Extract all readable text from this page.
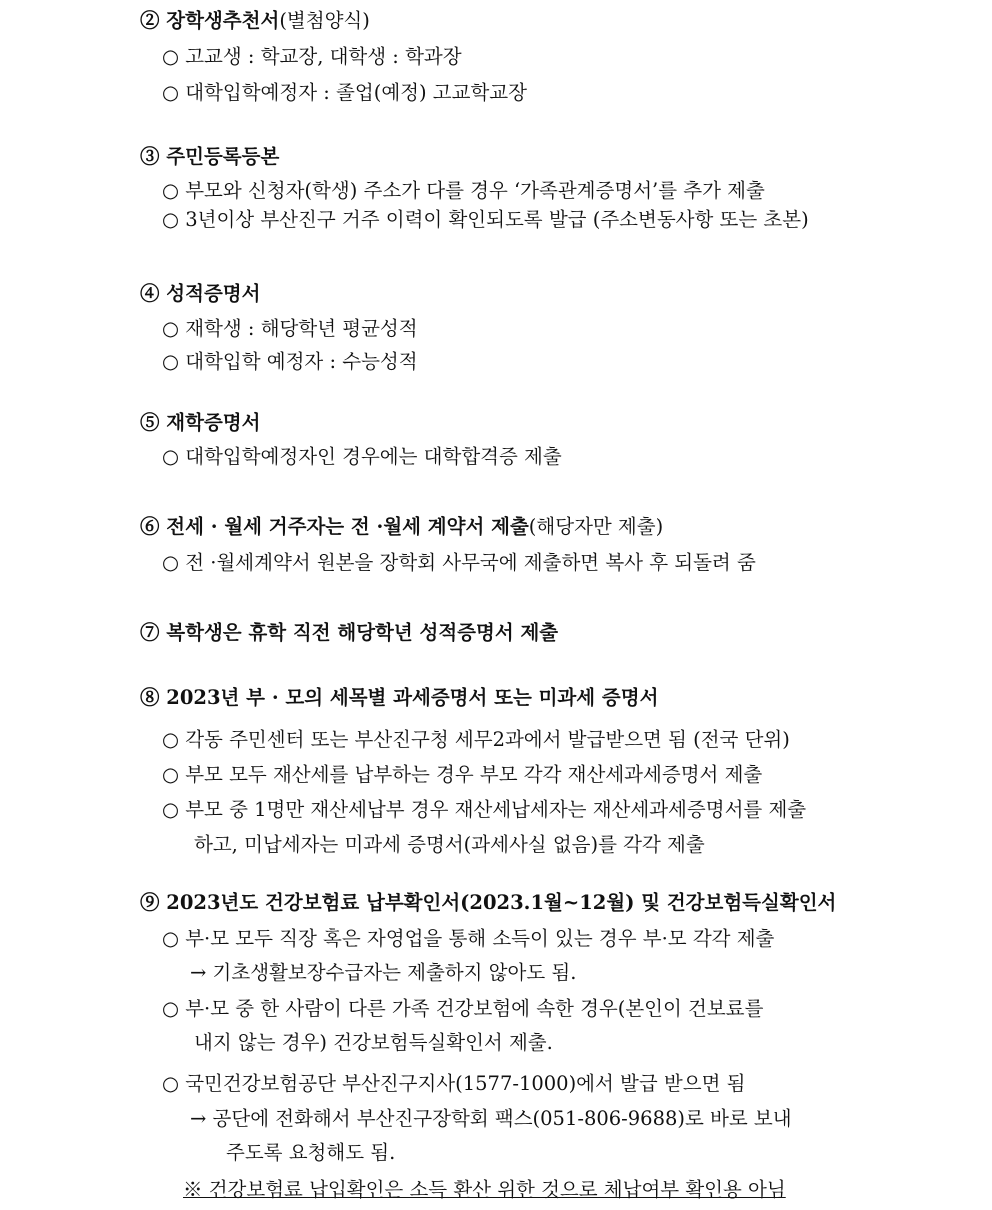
② 장학생추천서(별첨양식)
○ 고교생 : 학교장, 대학생 : 학과장
○ 대학입학예정자 : 졸업(예정) 고교학교장
③ 주민등록등본
○ 부모와 신청자(학생) 주소가 다를 경우 ‘가족관계증명서’를 추가 제출
○ 3년이상 부산진구 거주 이력이 확인되도록 발급 (주소변동사항 또는 초본)
④ 성적증명서
○ 재학생 : 해당학년 평균성적
○ 대학입학 예정자 : 수능성적
⑤ 재학증명서
○ 대학입학예정자인 경우에는 대학합격증 제출
⑥ 전세 · 월세 거주자는 전 ·월세 계약서 제출(해당자만 제출)
○ 전 ·월세계약서 원본을 장학회 사무국에 제출하면 복사 후 되돌려 줌
⑦ 복학생은 휴학 직전 해당학년 성적증명서 제출
⑧ 2023년 부 · 모의 세목별 과세증명서 또는 미과세 증명서
○ 각동 주민센터 또는 부산진구청 세무2과에서 발급받으면 됨 (전국 단위)
○ 부모 모두 재산세를 납부하는 경우 부모 각각 재산세과세증명서 제출
○ 부모 중 1명만 재산세납부 경우 재산세납세자는 재산세과세증명서를 제출
하고, 미납세자는 미과세 증명서(과세사실 없음)를 각각 제출
⑨ 2023년도 건강보험료 납부확인서(2023.1월~12월) 및 건강보험득실확인서
○ 부·모 모두 직장 혹은 자영업을 통해 소득이 있는 경우 부·모 각각 제출
→ 기초생활보장수급자는 제출하지 않아도 됨.
○ 부·모 중 한 사람이 다른 가족 건강보험에 속한 경우(본인이 건보료를
내지 않는 경우) 건강보험득실확인서 제출.
○ 국민건강보험공단 부산진구지사(1577-1000)에서 발급 받으면 됨
→ 공단에 전화해서 부산진구장학회 팩스(051-806-9688)로 바로 보내
주도록 요청해도 됨.
※ 건강보험료 납입확인은 소득 환산 위한 것으로 체납여부 확인용 아님
